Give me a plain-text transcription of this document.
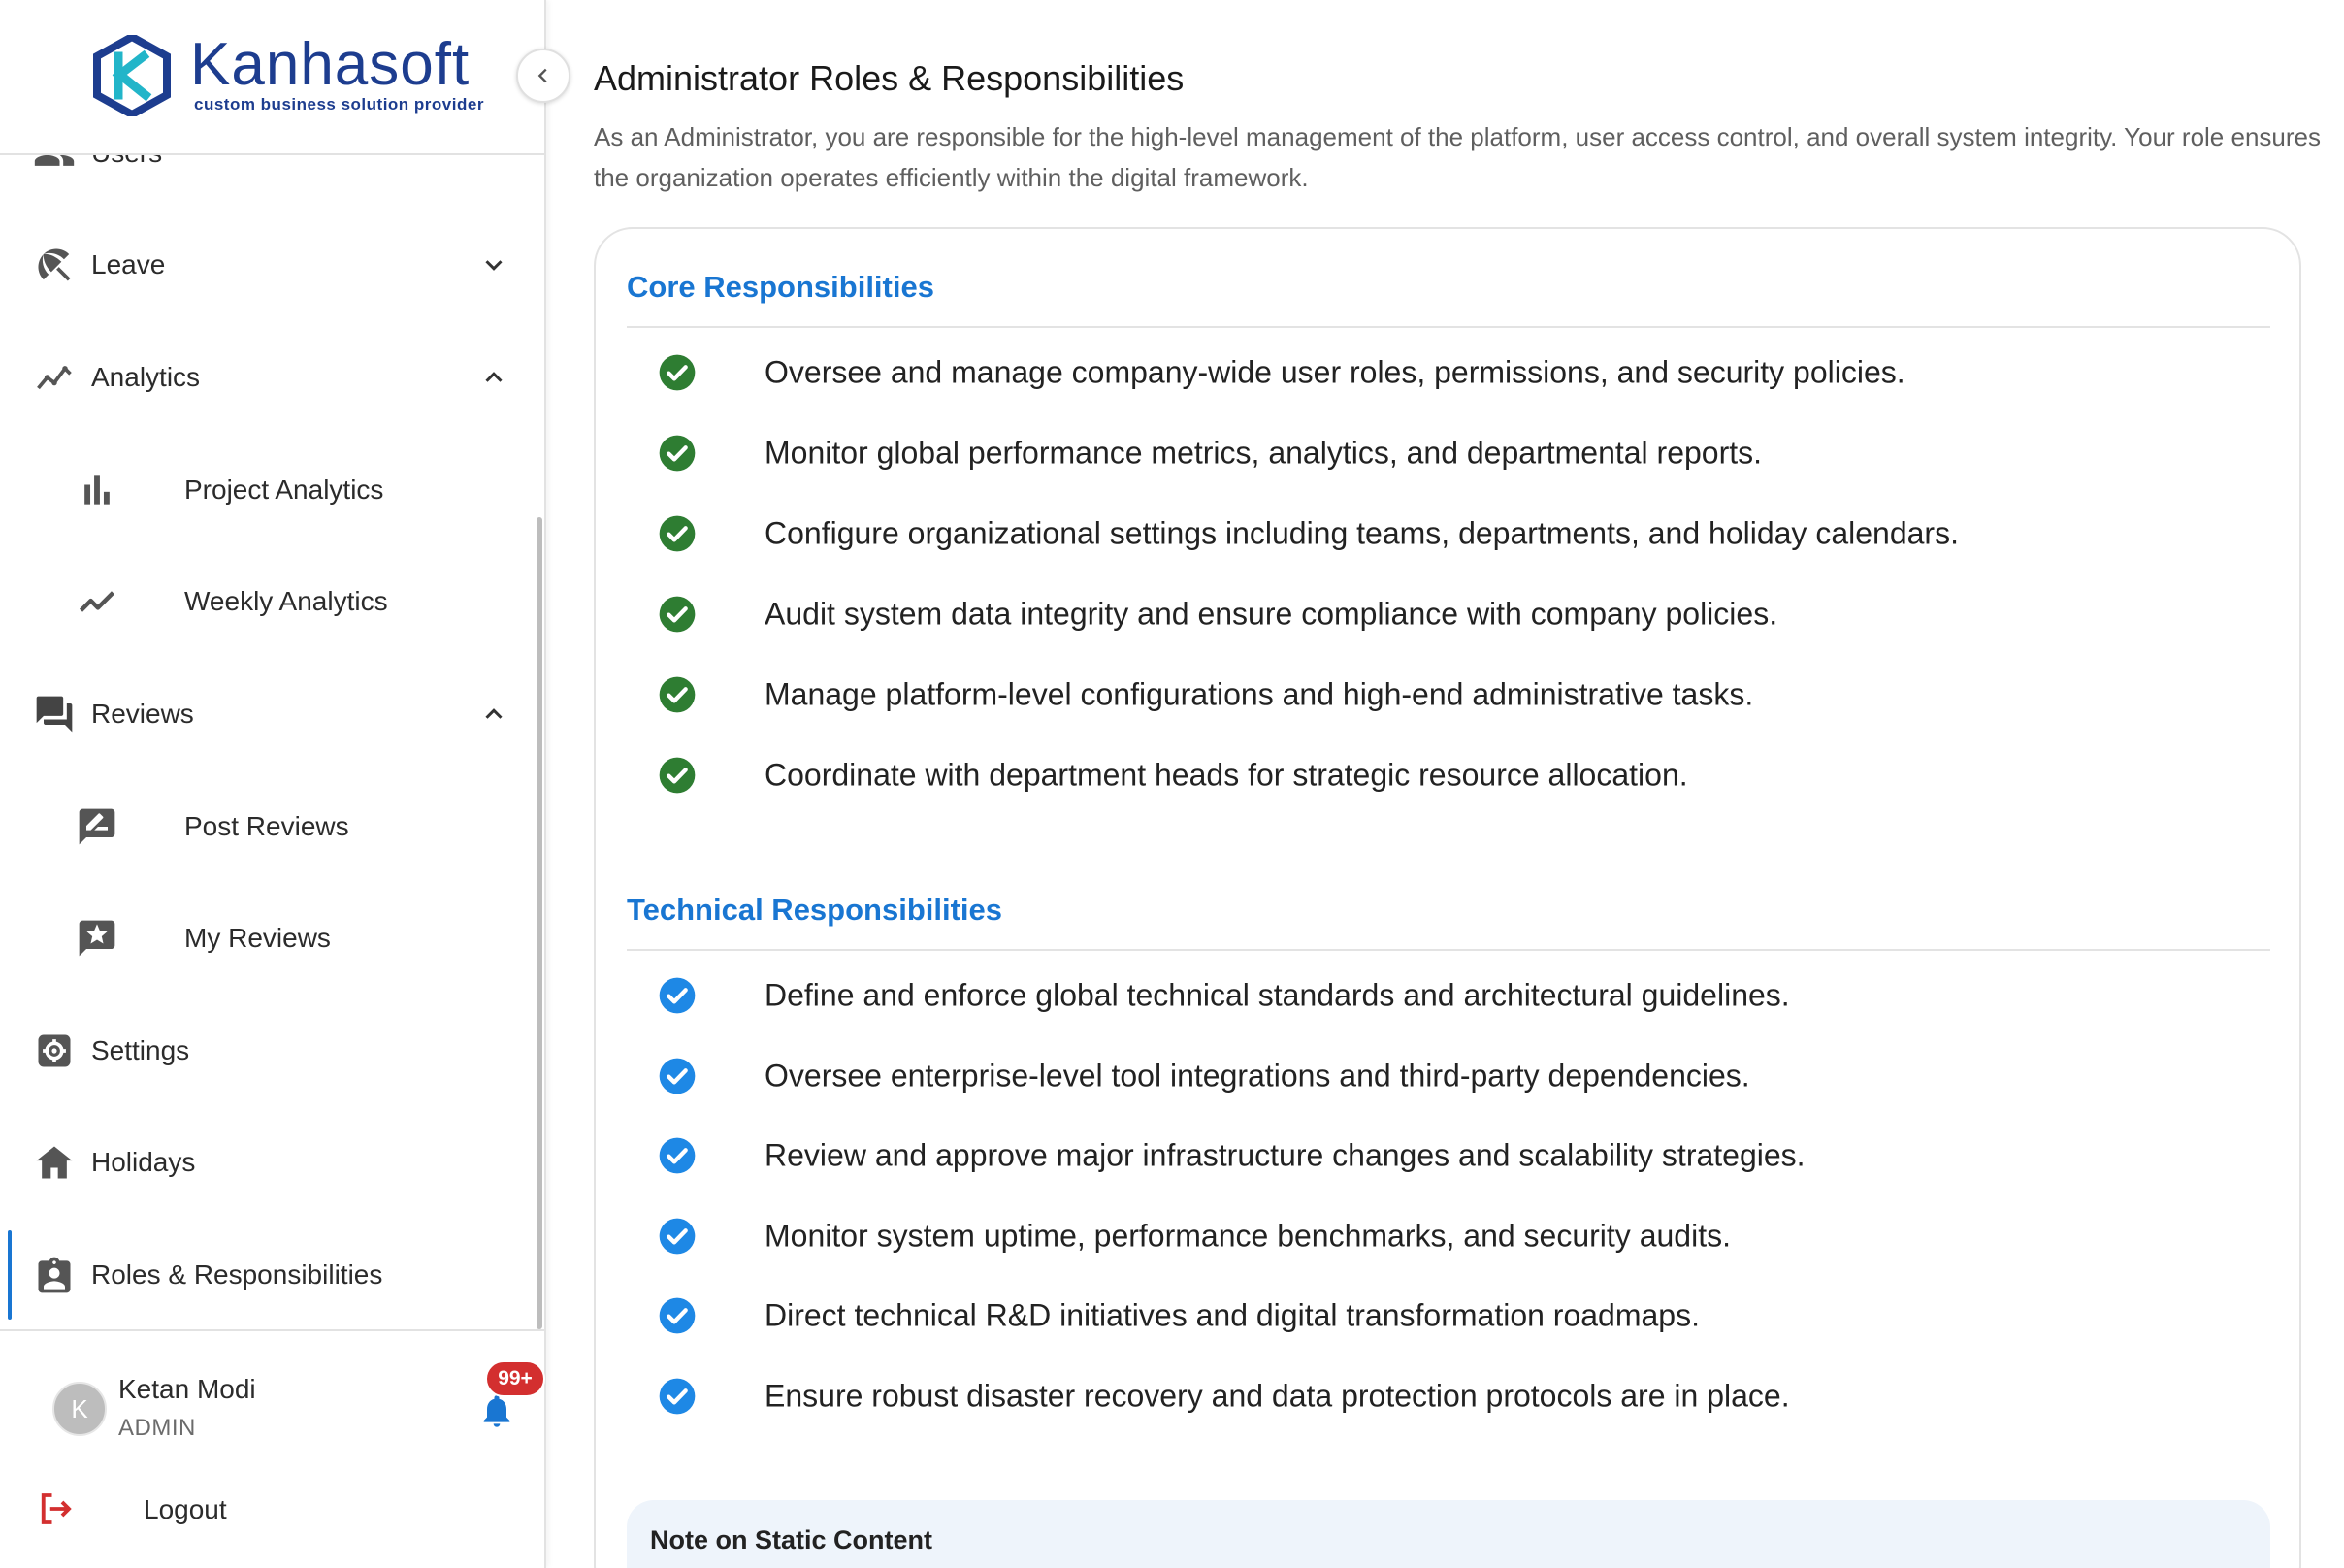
Leave
Analytics
Project Analytics
Weekly Analytics
Reviews
Post Reviews
My Reviews
Settings
Holidays
Roles & Responsibilities
Kanhasoft
custom business solution provider
K
Ketan Modi
ADMIN
99+
Logout
Administrator Roles & Responsibilities

As an Administrator, you are responsible for the high-level management of the platform, user access control, and overall system integrity. Your role ensures the organization operates efficiently within the digital framework.

Core Responsibilities
Oversee and manage company-wide user roles, permissions, and security policies.
Monitor global performance metrics, analytics, and departmental reports.
Configure organizational settings including teams, departments, and holiday calendars.
Audit system data integrity and ensure compliance with company policies.
Manage platform-level configurations and high-end administrative tasks.
Coordinate with department heads for strategic resource allocation.
Technical Responsibilities
Define and enforce global technical standards and architectural guidelines.
Oversee enterprise-level tool integrations and third-party dependencies.
Review and approve major infrastructure changes and scalability strategies.
Monitor system uptime, performance benchmarks, and security audits.
Direct technical R&D initiatives and digital transformation roadmaps.
Ensure robust disaster recovery and data protection protocols are in place.
Note on Static Content
